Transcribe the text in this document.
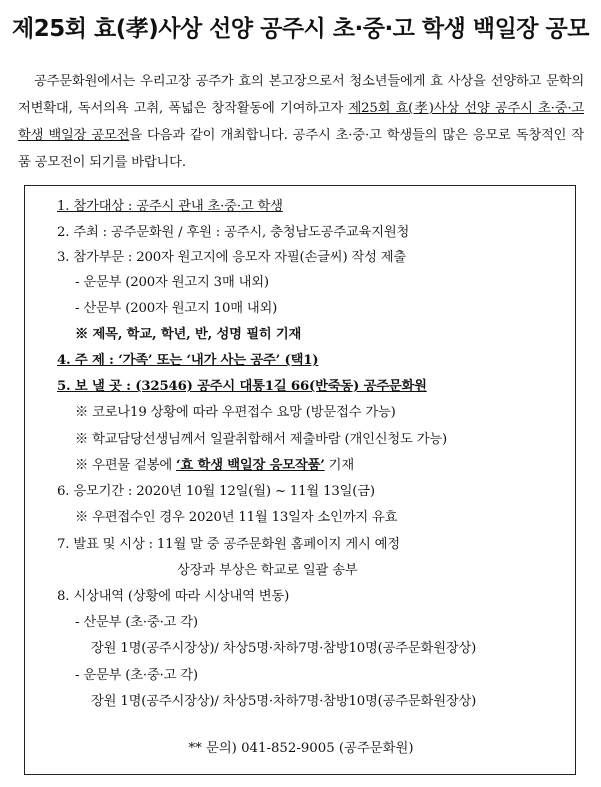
제25회 효(孝)사상 선양 공주시 초·중·고 학생 백일장 공모
공주문화원에서는 우리고장 공주가 효의 본고장으로서 청소년들에게 효 사상을 선양하고 문학의 저변확대, 독서의욕 고취, 폭넓은 창작활동에 기여하고자 제25회 효(孝)사상 선양 공주시 초·중·고 학생 백일장 공모전을 다음과 같이 개최합니다. 공주시 초·중·고 학생들의 많은 응모로 독창적인 작품 공모전이 되기를 바랍니다.
1. 참가대상 : 공주시 관내 초·중·고 학생
2. 주최 : 공주문화원 / 후원 : 공주시, 충청남도공주교육지원청
3. 참가부문 : 200자 원고지에 응모자 자필(손글씨) 작성 제출
- 운문부 (200자 원고지 3매 내외)
- 산문부 (200자 원고지 10매 내외)
※ 제목, 학교, 학년, 반, 성명 필히 기재
4. 주 제 : ‘가족’ 또는 ‘내가 사는 공주’ (택1)
5. 보 낼 곳 : (32546) 공주시 대통1길 66(반죽동) 공주문화원
※ 코로나19 상황에 따라 우편접수 요망 (방문접수 가능)
※ 학교담당선생님께서 일괄취합해서 제출바람 (개인신청도 가능)
※ 우편물 겉봉에 ‘효 학생 백일장 응모작품’ 기재
6. 응모기간 : 2020년 10월 12일(월) ~ 11월 13일(금)
※ 우편접수인 경우 2020년 11월 13일자 소인까지 유효
7. 발표 및 시상 : 11월 말 중 공주문화원 홈페이지 게시 예정
상장과 부상은 학교로 일괄 송부
8. 시상내역 (상황에 따라 시상내역 변동)
- 산문부 (초·중·고 각)
장원 1명(공주시장상)/ 차상5명·차하7명·참방10명(공주문화원장상)
- 운문부 (초·중·고 각)
장원 1명(공주시장상)/ 차상5명·차하7명·참방10명(공주문화원장상)
** 문의) 041-852-9005 (공주문화원)
